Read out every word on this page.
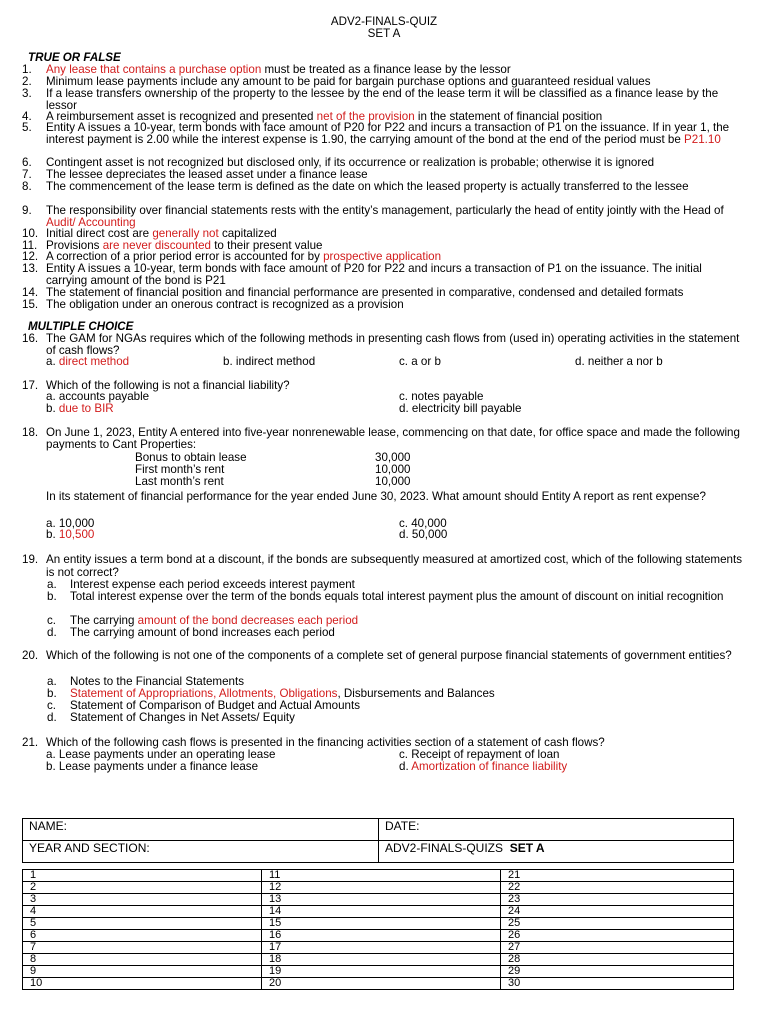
ADV2-FINALS-QUIZ
SET A
TRUE OR FALSE
1.	Any lease that contains a purchase option must be treated as a finance lease by the lessor
2.	Minimum lease payments include any amount to be paid for bargain purchase options and guaranteed residual values
3.	If a lease transfers ownership of the property to the lessee by the end of the lease term it will be classified as a finance lease by the lessor
4.	A reimbursement asset is recognized and presented net of the provision in the statement of financial position
5.	Entity A issues a 10-year, term bonds with face amount of P20 for P22 and incurs a transaction of P1 on the issuance. If in year 1, the interest payment is 2.00 while the interest expense is 1.90, the carrying amount of the bond at the end of the period must be P21.10
6.	Contingent asset is not recognized but disclosed only, if its occurrence or realization is probable; otherwise it is ignored
7.	The lessee depreciates the leased asset under a finance lease
8.	The commencement of the lease term is defined as the date on which the leased property is actually transferred to the lessee
9.	The responsibility over financial statements rests with the entity’s management, particularly the head of entity jointly with the Head of Audit/ Accounting
10. Initial direct cost are generally not capitalized
11. Provisions are never discounted to their present value
12. A correction of a prior period error is accounted for by prospective application
13. Entity A issues a 10-year, term bonds with face amount of P20 for P22 and incurs a transaction of P1 on the issuance. The initial carrying amount of the bond is P21
14. The statement of financial position and financial performance are presented in comparative, condensed and detailed formats
15. The obligation under an onerous contract is recognized as a provision
MULTIPLE CHOICE
16. The GAM for NGAs requires which of the following methods in presenting cash flows from (used in) operating activities in the statement of cash flows?
a. direct method	b. indirect method	c. a or b	d. neither a nor b
17. Which of the following is not a financial liability?
a. accounts payable
b. due to BIR
c. notes payable
d. electricity bill payable
18. On June 1, 2023, Entity A entered into five-year nonrenewable lease, commencing on that date, for office space and made the following payments to Cant Properties:
Bonus to obtain lease	30,000
First month’s rent	10,000
Last month’s rent	10,000
In its statement of financial performance for the year ended June 30, 2023. What amount should Entity A report as rent expense?
a. 10,000
b. 10,500
c. 40,000
d. 50,000
19. An entity issues a term bond at a discount, if the bonds are subsequently measured at amortized cost, which of the following statements is not correct?
a. Interest expense each period exceeds interest payment
b. Total interest expense over the term of the bonds equals total interest payment plus the amount of discount on initial recognition
c. The carrying amount of the bond decreases each period
d. The carrying amount of bond increases each period
20. Which of the following is not one of the components of a complete set of general purpose financial statements of government entities?
a. Notes to the Financial Statements
b. Statement of Appropriations, Allotments, Obligations, Disbursements and Balances
c. Statement of Comparison of Budget and Actual Amounts
d. Statement of Changes in Net Assets/ Equity
21. Which of the following cash flows is presented in the financing activities section of a statement of cash flows?
a. Lease payments under an operating lease
b. Lease payments under a finance lease
c. Receipt of repayment of loan
d. Amortization of finance liability
NAME:	DATE:
YEAR AND SECTION:	ADV2-FINALS-QUIZS SET A
1	11	21
2	12	22
3	13	23
4	14	24
5	15	25
6	16	26
7	17	27
8	18	28
9	19	29
10	20	30
